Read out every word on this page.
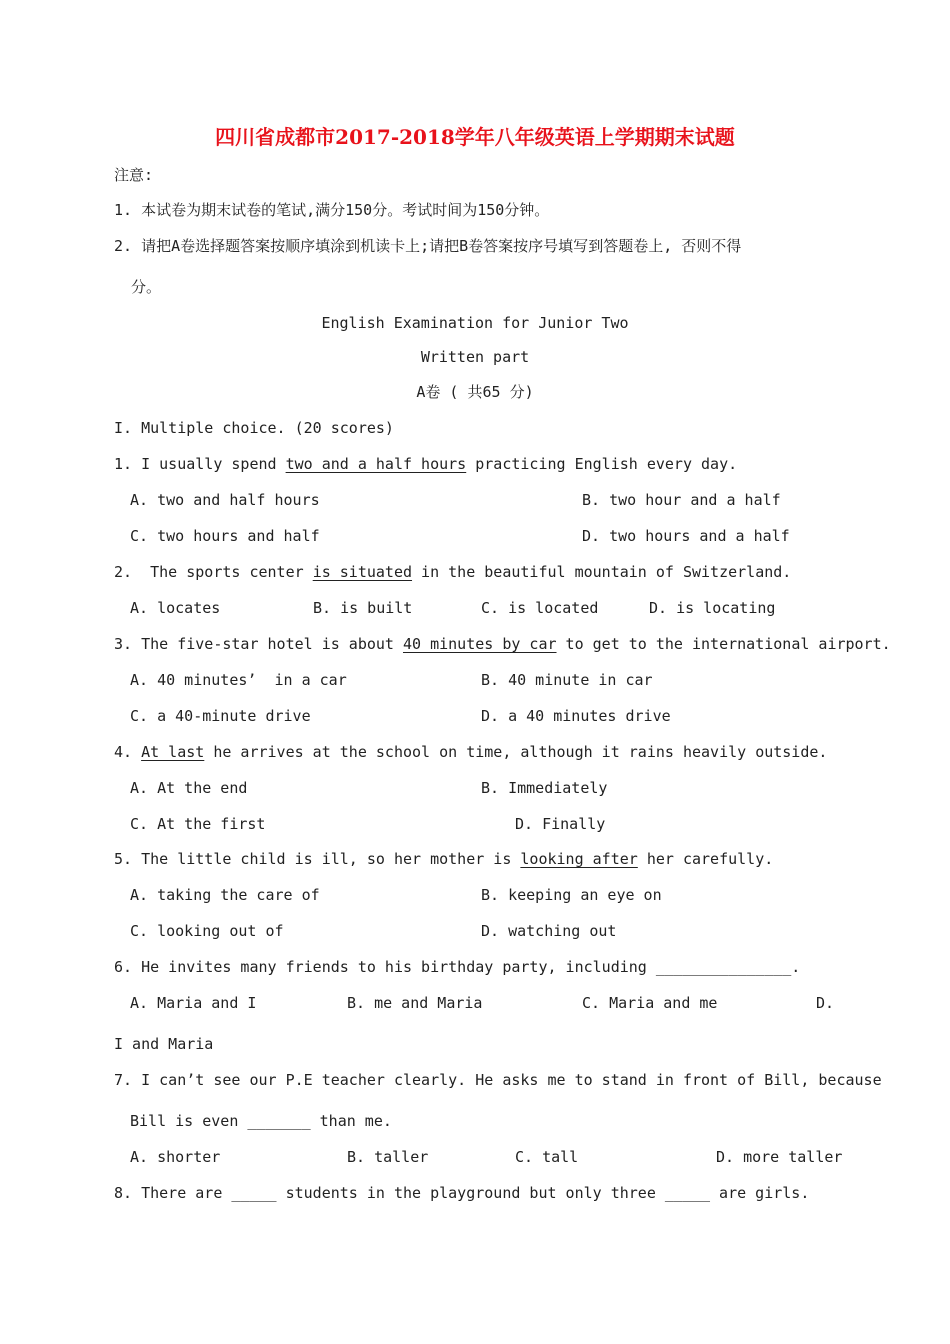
四川省成都市2017-2018学年八年级英语上学期期末试题
注意:
1. 本试卷为期末试卷的笔试,满分150分。考试时间为150分钟。
2. 请把A卷选择题答案按顺序填涂到机读卡上;请把B卷答案按序号填写到答题卷上, 否则不得
分。
English Examination for Junior Two
Written part
A卷 ( 共65 分)
I. Multiple choice. (20 scores)
1. I usually spend two and a half hours practicing English every day.
A. two and half hours	B. two hour and a half
C. two hours and half	D. two hours and a half
2.  The sports center is situated in the beautiful mountain of Switzerland.
A. locates	B. is built	C. is located	D. is locating
3. The five-star hotel is about 40 minutes by car to get to the international airport.
A. 40 minutes’  in a car	B. 40 minute in car
C. a 40-minute drive	D. a 40 minutes drive
4. At last he arrives at the school on time, although it rains heavily outside.
A. At the end	B. Immediately
C. At the first	D. Finally
5. The little child is ill, so her mother is looking after her carefully.
A. taking the care of	B. keeping an eye on
C. looking out of	D. watching out
6. He invites many friends to his birthday party, including _______________.
A. Maria and I	B. me and Maria	C. Maria and me	D.
I and Maria
7. I can’t see our P.E teacher clearly. He asks me to stand in front of Bill, because
Bill is even _______ than me.
A. shorter	B. taller	C. tall	D. more taller
8. There are _____ students in the playground but only three _____ are girls.
